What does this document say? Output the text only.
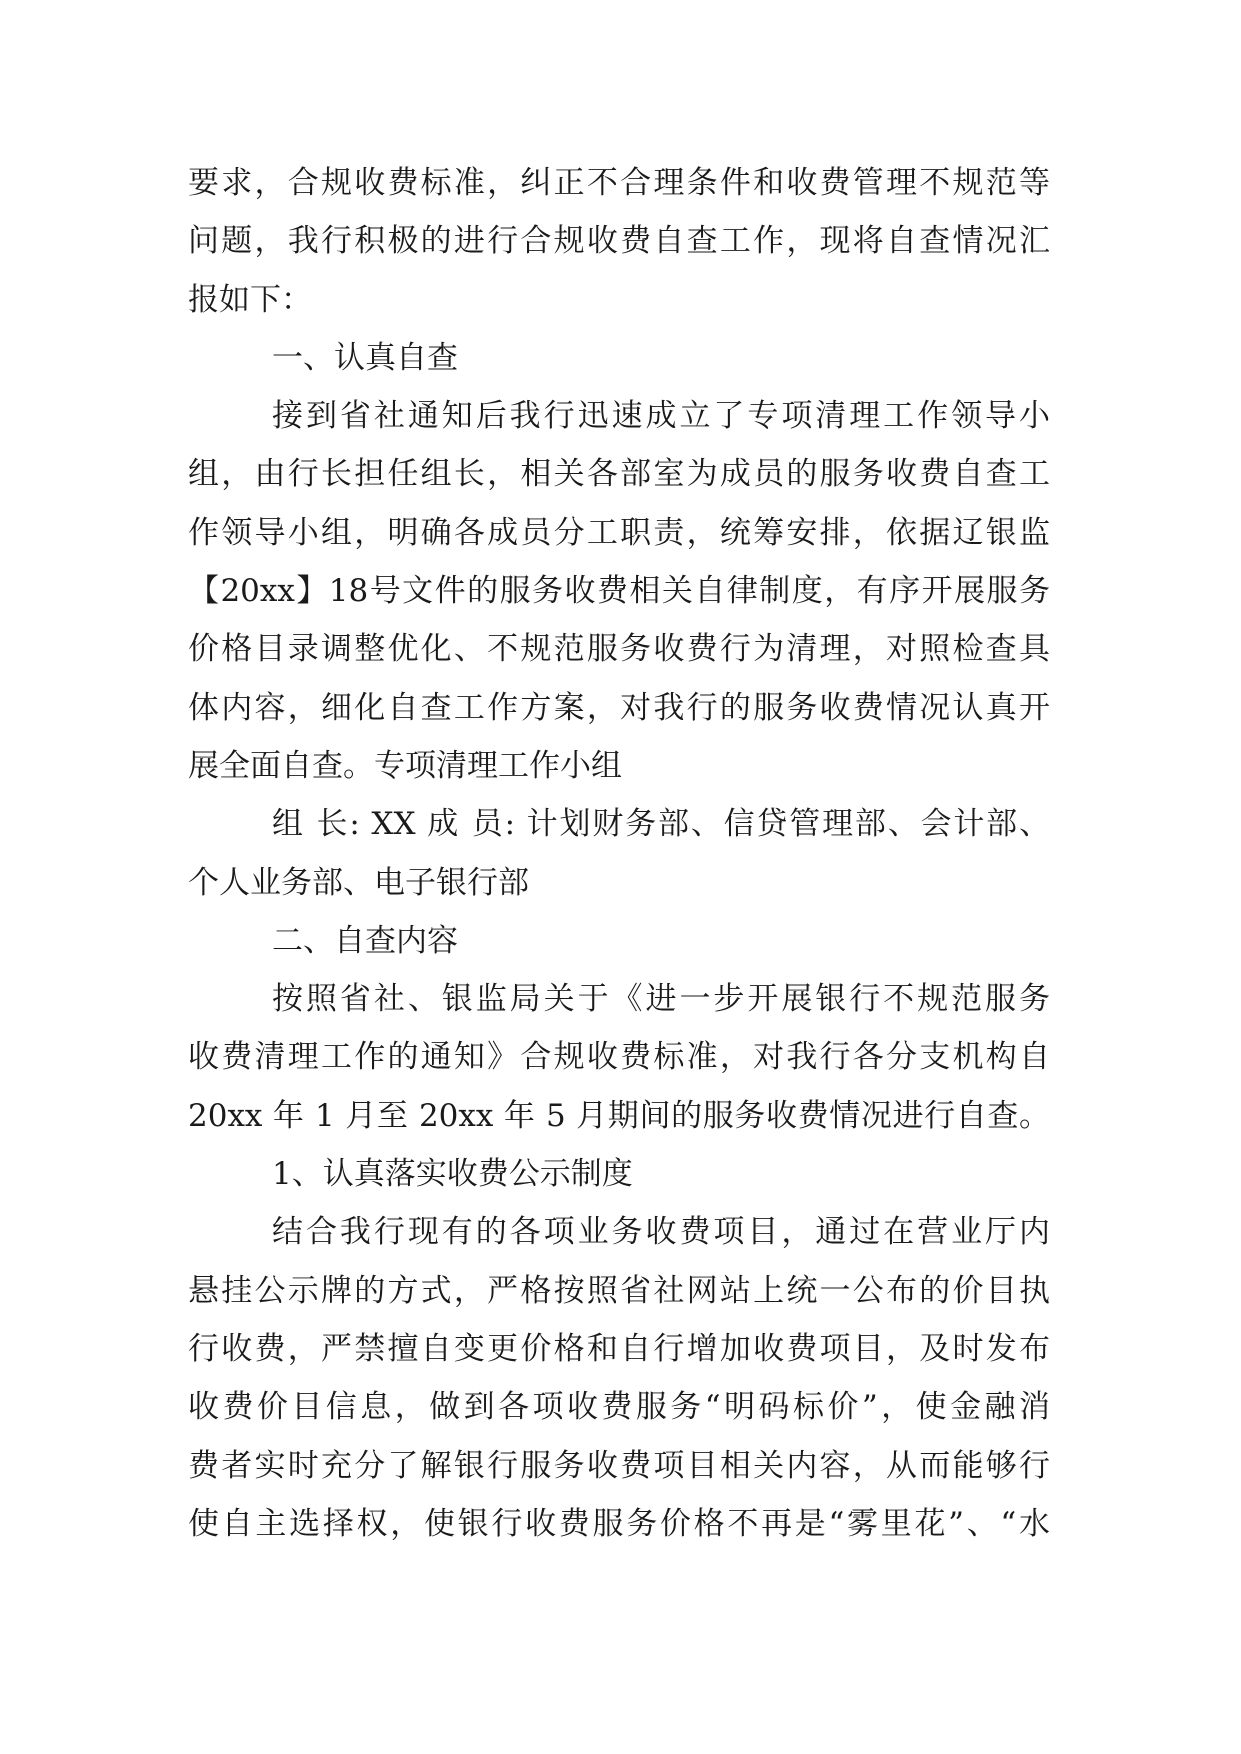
要求，合规收费标准，纠正不合理条件和收费管理不规范等
问题，我行积极的进行合规收费自查工作，现将自查情况汇
报如下：
一、认真自查
接到省社通知后我行迅速成立了专项清理工作领导小
组，由行长担任组长，相关各部室为成员的服务收费自查工
作领导小组，明确各成员分工职责，统筹安排，依据辽银监
【20xx】18号文件的服务收费相关自律制度，有序开展服务
价格目录调整优化、不规范服务收费行为清理，对照检查具
体内容，细化自查工作方案，对我行的服务收费情况认真开
展全面自查。专项清理工作小组
组 长: XX 成 员: 计划财务部、信贷管理部、会计部、
个人业务部、电子银行部
二、自查内容
按照省社、银监局关于《进一步开展银行不规范服务
收费清理工作的通知》合规收费标准，对我行各分支机构自
20xx 年 1 月至 20xx 年 5 月期间的服务收费情况进行自查。
1、认真落实收费公示制度
结合我行现有的各项业务收费项目，通过在营业厅内
悬挂公示牌的方式，严格按照省社网站上统一公布的价目执
行收费，严禁擅自变更价格和自行增加收费项目，及时发布
收费价目信息，做到各项收费服务“明码标价”，使金融消
费者实时充分了解银行服务收费项目相关内容，从而能够行
使自主选择权，使银行收费服务价格不再是“雾里花”、“水
